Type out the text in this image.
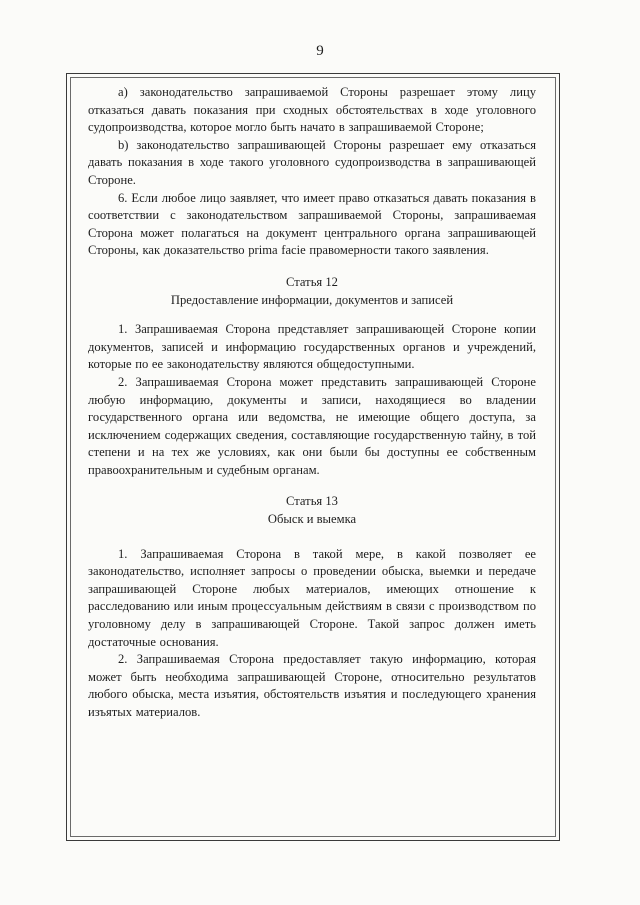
9

a) законодательство запрашиваемой Стороны разрешает этому лицу отказаться давать показания при сходных обстоятельствах в ходе уголовного судопроизводства, которое могло быть начато в запрашиваемой Стороне;

b) законодательство запрашивающей Стороны разрешает ему отказаться давать показания в ходе такого уголовного судопроизводства в запрашивающей Стороне.

6. Если любое лицо заявляет, что имеет право отказаться давать показания в соответствии с законодательством запрашиваемой Стороны, запрашиваемая Сторона может полагаться на документ центрального органа запрашивающей Стороны, как доказательство prima facie правомерности такого заявления.

Статья 12

Предоставление информации, документов и записей

1. Запрашиваемая Сторона представляет запрашивающей Стороне копии документов, записей и информацию государственных органов и учреждений, которые по ее законодательству являются общедоступными.

2. Запрашиваемая Сторона может представить запрашивающей Стороне любую информацию, документы и записи, находящиеся во владении государственного органа или ведомства, не имеющие общего доступа, за исключением содержащих сведения, составляющие государственную тайну, в той степени и на тех же условиях, как они были бы доступны ее собственным правоохранительным и судебным органам.

Статья 13

Обыск и выемка

1. Запрашиваемая Сторона в такой мере, в какой позволяет ее законодательство, исполняет запросы о проведении обыска, выемки и передаче запрашивающей Стороне любых материалов, имеющих отношение к расследованию или иным процессуальным действиям в связи с производством по уголовному делу в запрашивающей Стороне. Такой запрос должен иметь достаточные основания.

2. Запрашиваемая Сторона предоставляет такую информацию, которая может быть необходима запрашивающей Стороне, относительно результатов любого обыска, места изъятия, обстоятельств изъятия и последующего хранения изъятых материалов.
